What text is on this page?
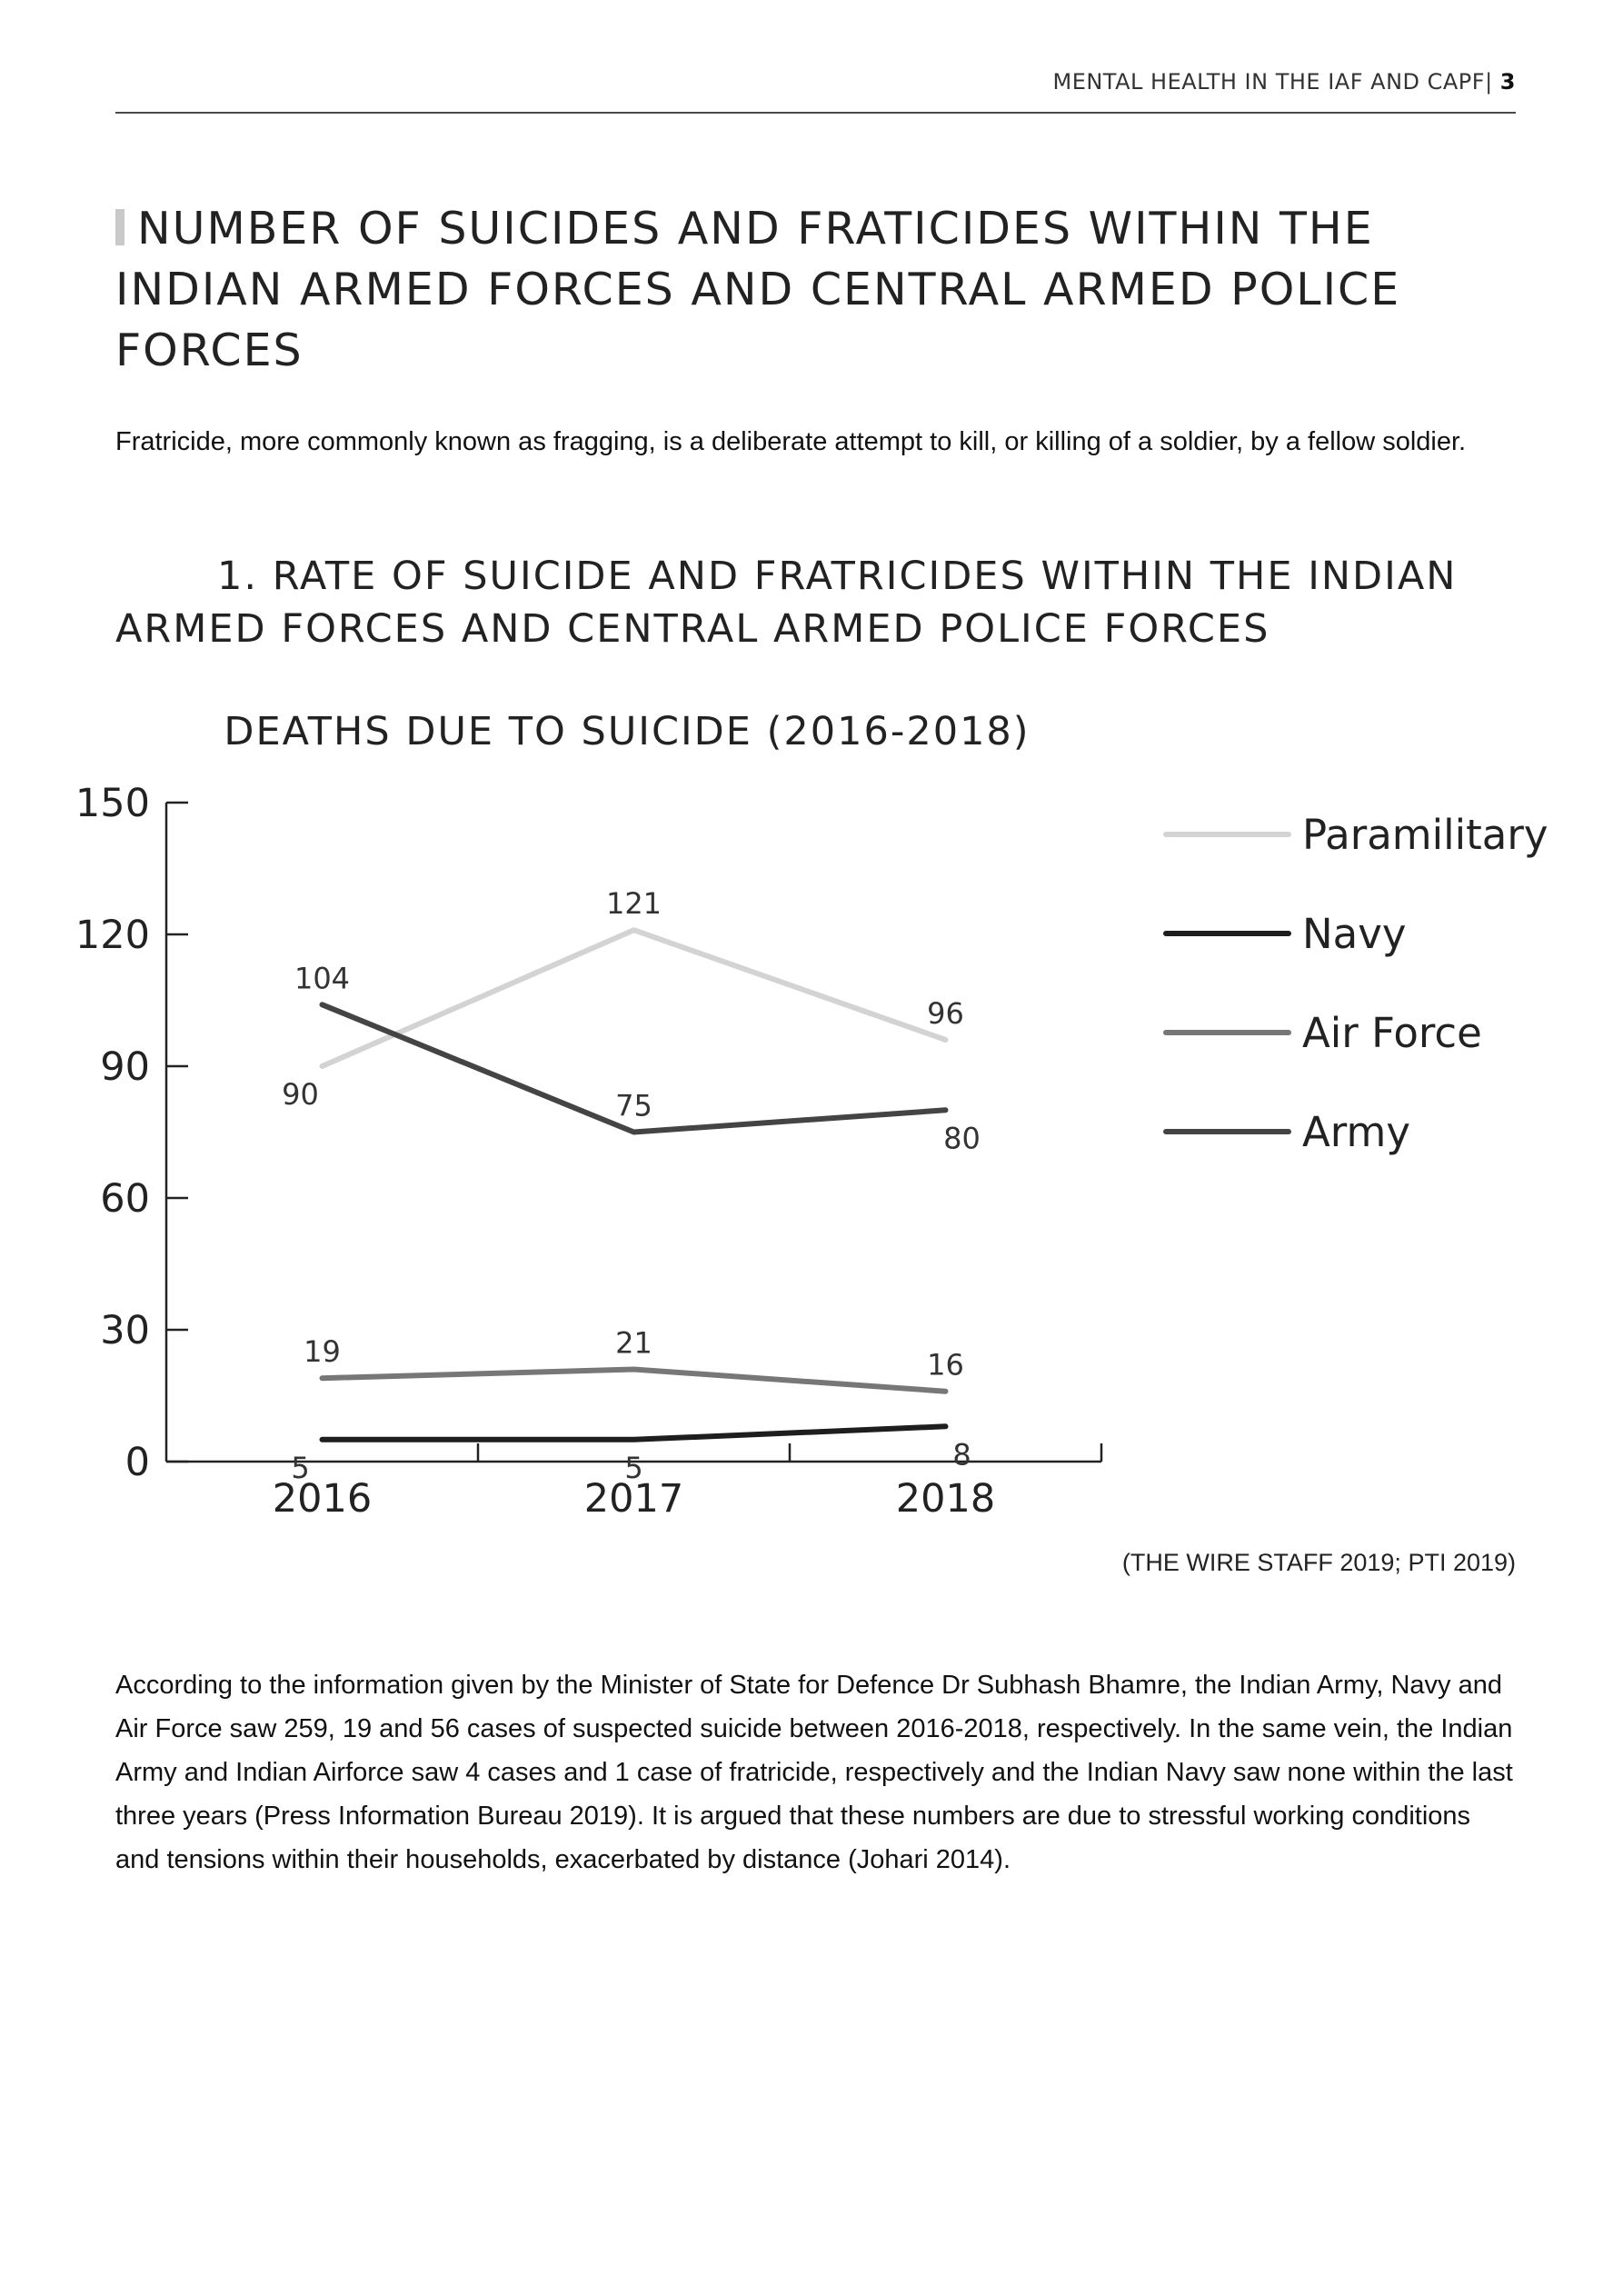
MENTAL HEALTH IN THE IAF AND CAPF| 3
NUMBER OF SUICIDES AND FRATICIDES WITHIN THE INDIAN ARMED FORCES AND CENTRAL ARMED POLICE FORCES

Fratricide, more commonly known as fragging, is a deliberate attempt to kill, or killing of a soldier, by a fellow soldier.

1. RATE OF SUICIDE AND FRATRICIDES WITHIN THE INDIAN ARMED FORCES AND CENTRAL ARMED POLICE FORCES
DEATHS DUE TO SUICIDE (2016-2018)
0
30
60
90
120
150
2016	2017	2018
90
121
96
5	5	8
19	21
16
104
75
80
Paramilitary
Navy
Air Force
Army
(THE WIRE STAFF 2019; PTI 2019)

According to the information given by the Minister of State for Defence Dr Subhash Bhamre, the Indian Army, Navy and Air Force saw 259, 19 and 56 cases of suspected suicide between 2016-2018, respectively. In the same vein, the Indian Army and Indian Airforce saw 4 cases and 1 case of fratricide, respectively and the Indian Navy saw none within the last three years (Press Information Bureau 2019). It is argued that these numbers are due to stressful working conditions and tensions within their households, exacerbated by distance (Johari 2014).
